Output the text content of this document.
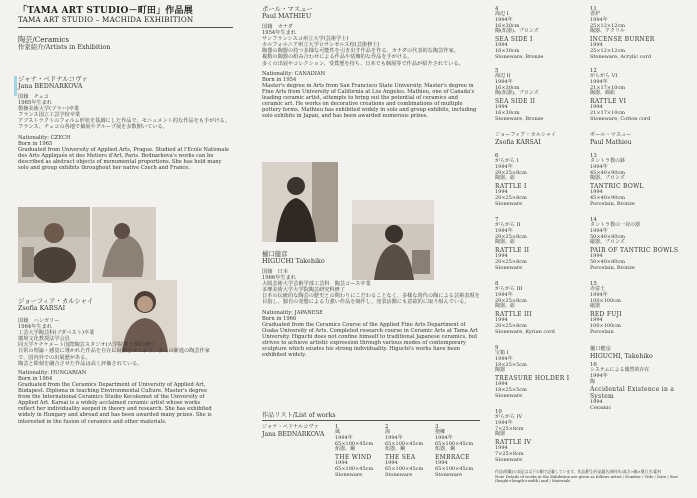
「TAMA ART STUDIO－町田」作品展
TAMA ART STUDIO – MACHIDA EXHIBITION
陶芸/Ceramics
作家紹介/Artists in Exhibition
ジャナ・ベドナルコヴァ
Jana BEDNARKOVA
国籍　チェコ
1965年生まれ
製操美術大学(プラハ)卒業
フランス国立工芸学校卒業
アブストラクトのフォルム形状を基調にした作品で、モニュメント的な作品をも手がける。
フランス、チェコの各地で個展やグループ展を多数開いている。
Nationality: CZECH
Born in 1965
Graduated from University of Applied Arts, Prague. Studied at l'Ecole Nationale des Arts Appliqués et des Metiers d'Art, Paris. Bednarkova's works can be described as abstract objects of monumental proportions. She has held many solo and group exhibits throughout her native Czech and France.
ジョーフィア・カルシャイ
Zsofia KARSAI
国籍　ハンガリー
1964年生まれ
工芸大学陶芸科(ブダペスト)卒業
環境文化教授法学会員
同大学ケチケメート国際陶芸スタジオ(大学院博士課程)修了
日常の理論・感覚に導かれた作品を自在に展開させており、多くの新進の陶芸作家で、国内外での出展歴がある。
陶芸と彫刻を融合させた作品は高く評価されている。
Nationality: HUNGARIAN
Born in 1964
Graduated from the Ceramics Department of University of Applied Art, Budapest. Diploma in teaching Environmental Culture. Master's degree from the International Ceramics Studio Kecskemet of the University of Applied Art. Karsai is a widely acclaimed ceramic artist whose works reflect her individuality seeped in theory and research. She has exhibited widely in Hungary and abroad and has been awarded many prizes. She is interested in the fusion of ceramics and other materials.
ポール・マスュー
Paul MATHIEU
国籍　カナダ
1954年生まれ
サンフランシスコ州立大学(芸術学士)
カルフォルニア州立大学ロサンゼルス校(芸術修士)
陶器の陶器の持つ多様な可能性を引き出す作品を作る、カナダの代表的な陶芸作家。
複数の陶器の組み合わせによる作品や装飾的な作品を手がける。
多くの出展やコレクション、受賞歴を持ち、日本でも個展等で作品が紹介されている。
Nationality: CANADIAN
Born in 1954
Master's degree in Arts from San Francisco State University. Master's degree in Fine Arts from University of California at Los Angeles. Mathieu, one of Canada's leading ceramic artist, attempts to bring out the potential of ceramics and ceramic art. He works on decorative creations and combinations of multiple pottery forms. Mathieu has exhibited widely in solo and group exhibits, including solo exhibits in Japan, and has been awarded numerous prizes.
樋口健彦
HIGUCHI Takehiko
国籍　日本
1966年生まれ
大阪芸術大学芸術学部工芸科　陶芸コース卒業
多摩美術大学大学院陶芸研究科修了
日本の伝統的な陶芸の歴史との関わりにこだわることなく、多様な現代の陶による芸術表現を目指し、独自の発想による力強い作品を制作し、発表活動にも意欲的に取り組んでいる。
Nationality: JAPANESE
Born in 1966
Graduated from the Ceramics Course of the Applied Fine Arts Department of Osaka University of Arts. Completed research course in Ceramic Arts at Tama Art University. Higuchi does not confine himself to traditional Japanese ceramics, but strives to achieve artistic expression through various modes of contemporary sculpture which exudes his strong individuality. Higuchi's works have been exhibited widely.
作品リスト/List of works
ジャナ・ベドナルコヴァ
Jana BEDNARKOVA
ジョーフィア・カルシャイ
Zsofia KARSAI
ポール・マスュー
Paul Mathieu
樋口健彦
HIGUCHI, Takehiko
作品(掲載)の表記は以下の順で記載しています。作品番号/作品題名/制作年/高さ×幅×奥行き/素材
Note Details of works in the Exhibition are given as follows Artist / Number / Title / Date / Size (height×length×width) and / Materials
1
風
1994年
65×100×45cm
炻器、鋼
THE WIND
1994
65×100×45cm
Stoneware
2
海
1994年
65×100×45cm
炻器、鋼
THE SEA
1994
65×100×45cm
Stoneware
3
抱擁
1994年
65×100×45cm
炻器、鋼
EMBRACE
1994
65×100×45cm
Stoneware
4
海辺 I
1994年
16×30cm
陶(炻器)、ブロンズ
SEA SIDE I
1994
16×30cm
Stoneware, Bronze
5
海辺 II
1994年
16×30cm
陶(炻器)、ブロンズ
SEA SIDE II
1994
16×30cm
Stoneware, Bronze
6
がらがら I
1994年
20×25×8cm
陶器、紐
RATTLE I
1994
20×25×8cm
Stoneware
7
がらがら II
1994年
20×25×8cm
陶器、紐
RATTLE II
1994
20×25×8cm
Stoneware
8
がらがら III
1994年
20×25×8cm
陶器、紐
RATTLE III
1994
20×25×8cm
Stoneware, Kyrian cord
9
宝箱 I
1994年
18×25×5cm
陶器
TREASURE HOLDER I
1994
18×25×5cm
Stoneware
10
がらがら IV
1994年
7×25×8cm
陶器
RATTLE IV
1994
7×25×8cm
Stoneware
11
香炉
1994年
25×12×12cm
陶器、アクリル
INCENSE BURNER
1994
25×12×12cm
Stoneware, Acrylic cord
12
がらがら VI
1994年
21×17×10cm
陶器、綿紐
RATTLE VI
1994
21×17×10cm
Stoneware, Cotton cord
13
タントラ教の鉢
1994年
45×40×90cm
陶器、ブロンズ
TANTRIC BOWL
1994
45×40×90cm
Porcelain, Bronze
14
タントラ教の一対の器
1994年
50×40×80cm
磁器、ブロンズ
PAIR OF TANTRIC BOWLS
1994
50×40×80cm
Porcelain, Bronze
15
赤富士
1994年
100×100cm
磁器
RED FUJI
1994
100×100cm
Porcelain
16
システムによる偶然的存在
1994年
陶
Accidental Existence in a System
1994
Ceramic
